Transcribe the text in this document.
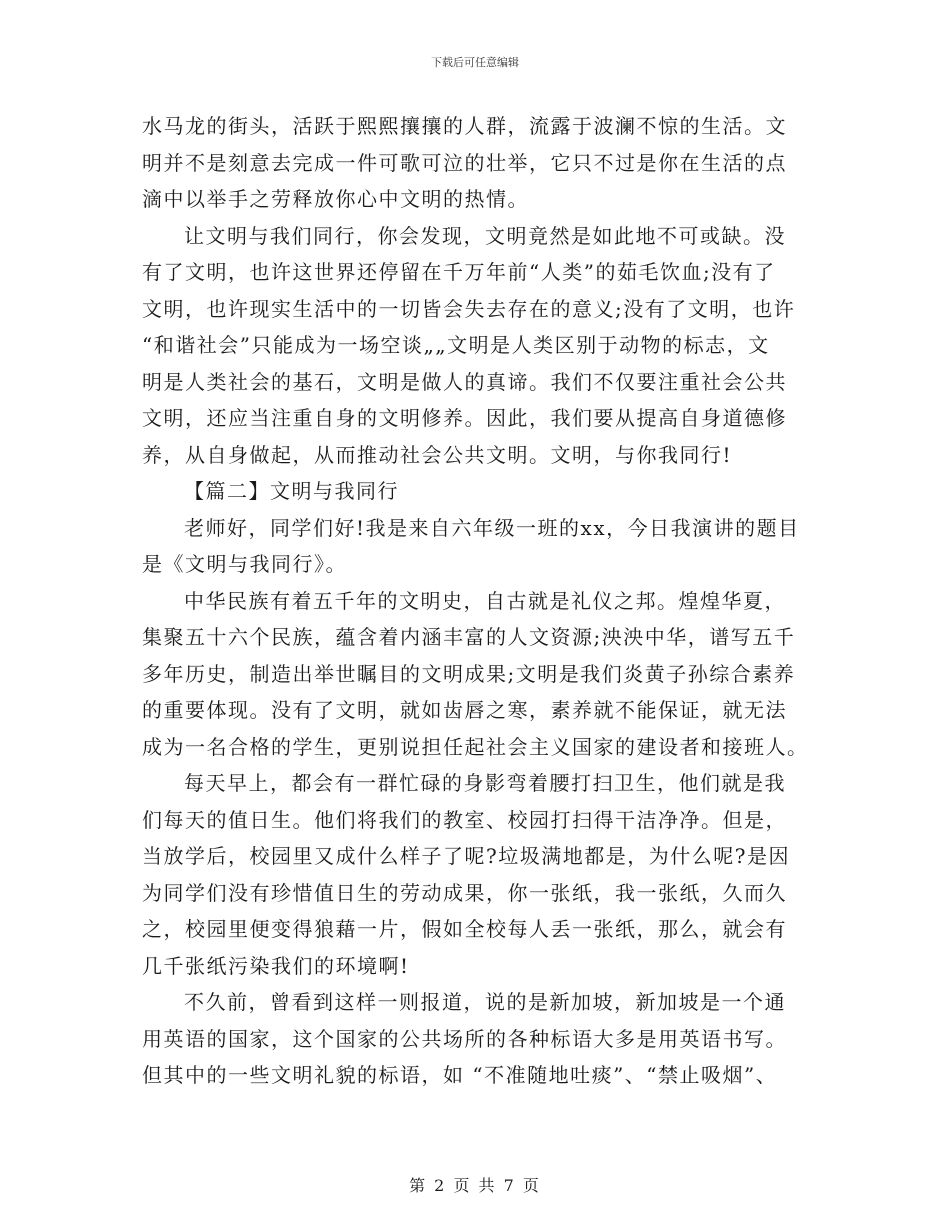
下载后可任意编辑
水马龙的街头，活跃于熙熙攘攘的人群，流露于波澜不惊的生活。文
明并不是刻意去完成一件可歌可泣的壮举，它只不过是你在生活的点
滴中以举手之劳释放你心中文明的热情。
让文明与我们同行，你会发现，文明竟然是如此地不可或缺。没
有了文明，也许这世界还停留在千万年前“人类”的茹毛饮血;没有了
文明，也许现实生活中的一切皆会失去存在的意义;没有了文明，也许
“和谐社会”只能成为一场空谈„„文明是人类区别于动物的标志，文
明是人类社会的基石，文明是做人的真谛。我们不仅要注重社会公共
文明，还应当注重自身的文明修养。因此，我们要从提高自身道德修
养，从自身做起，从而推动社会公共文明。文明，与你我同行!
【篇二】文明与我同行
老师好，同学们好!我是来自六年级一班的xx，今日我演讲的题目
是《文明与我同行》。
中华民族有着五千年的文明史，自古就是礼仪之邦。煌煌华夏，
集聚五十六个民族，蕴含着内涵丰富的人文资源;泱泱中华，谱写五千
多年历史，制造出举世瞩目的文明成果;文明是我们炎黄子孙综合素养
的重要体现。没有了文明，就如齿唇之寒，素养就不能保证，就无法
成为一名合格的学生，更别说担任起社会主义国家的建设者和接班人。
每天早上，都会有一群忙碌的身影弯着腰打扫卫生，他们就是我
们每天的值日生。他们将我们的教室、校园打扫得干洁净净。但是，
当放学后，校园里又成什么样子了呢?垃圾满地都是，为什么呢?是因
为同学们没有珍惜值日生的劳动成果，你一张纸，我一张纸，久而久
之，校园里便变得狼藉一片，假如全校每人丢一张纸，那么，就会有
几千张纸污染我们的环境啊!
不久前，曾看到这样一则报道，说的是新加坡，新加坡是一个通
用英语的国家，这个国家的公共场所的各种标语大多是用英语书写。
但其中的一些文明礼貌的标语，如 “不准随地吐痰”、“禁止吸烟”、
第 2 页 共 7 页
